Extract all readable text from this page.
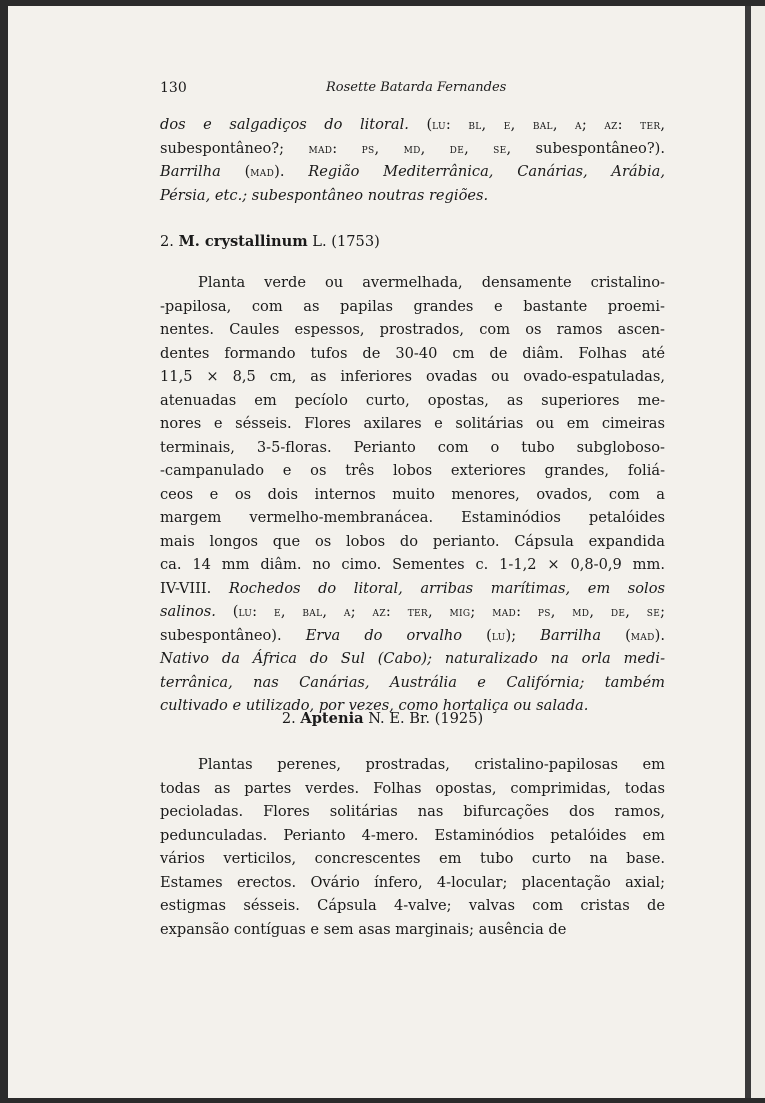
130	Rosette Batarda Fernandes
dos e salgadiços do litoral. (lu: bl, e, bal, a; az: ter,
subespontâneo?; mad: ps, md, de, se, subespontâneo?).
Barrilha (mad). Região Mediterrânica, Canárias, Arábia,
Pérsia, etc.; subespontâneo noutras regiões.
2. M. crystallinum L. (1753)
Planta verde ou avermelhada, densamente cristalino-
-papilosa, com as papilas grandes e bastante proemi-
nentes. Caules espessos, prostrados, com os ramos ascen-
dentes formando tufos de 30-40 cm de diâm. Folhas até
11,5 × 8,5 cm, as inferiores ovadas ou ovado-espatuladas,
atenuadas em pecíolo curto, opostas, as superiores me-
nores e sésseis. Flores axilares e solitárias ou em cimeiras
terminais, 3-5-floras. Perianto com o tubo subgloboso-
-campanulado e os três lobos exteriores grandes, foliá-
ceos e os dois internos muito menores, ovados, com a
margem vermelho-membranácea. Estaminódios petalóides
mais longos que os lobos do perianto. Cápsula expandida
ca. 14 mm diâm. no cimo. Sementes c. 1-1,2 × 0,8-0,9 mm.
IV-VIII. Rochedos do litoral, arribas marítimas, em solos
salinos. (lu: e, bal, a; az: ter, mig; mad: ps, md, de, se;
subespontâneo). Erva do orvalho (lu); Barrilha (mad).
Nativo da África do Sul (Cabo); naturalizado na orla medi-
terrânica, nas Canárias, Austrália e Califórnia; também
cultivado e utilizado, por vezes, como hortaliça ou salada.
2. Aptenia N. E. Br. (1925)
Plantas perenes, prostradas, cristalino-papilosas em
todas as partes verdes. Folhas opostas, comprimidas, todas
pecioladas. Flores solitárias nas bifurcações dos ramos,
pedunculadas. Perianto 4-mero. Estaminódios petalóides em
vários verticilos, concrescentes em tubo curto na base.
Estames erectos. Ovário ínfero, 4-locular; placentação axial;
estigmas sésseis. Cápsula 4-valve; valvas com cristas de
expansão contíguas e sem asas marginais; ausência de
